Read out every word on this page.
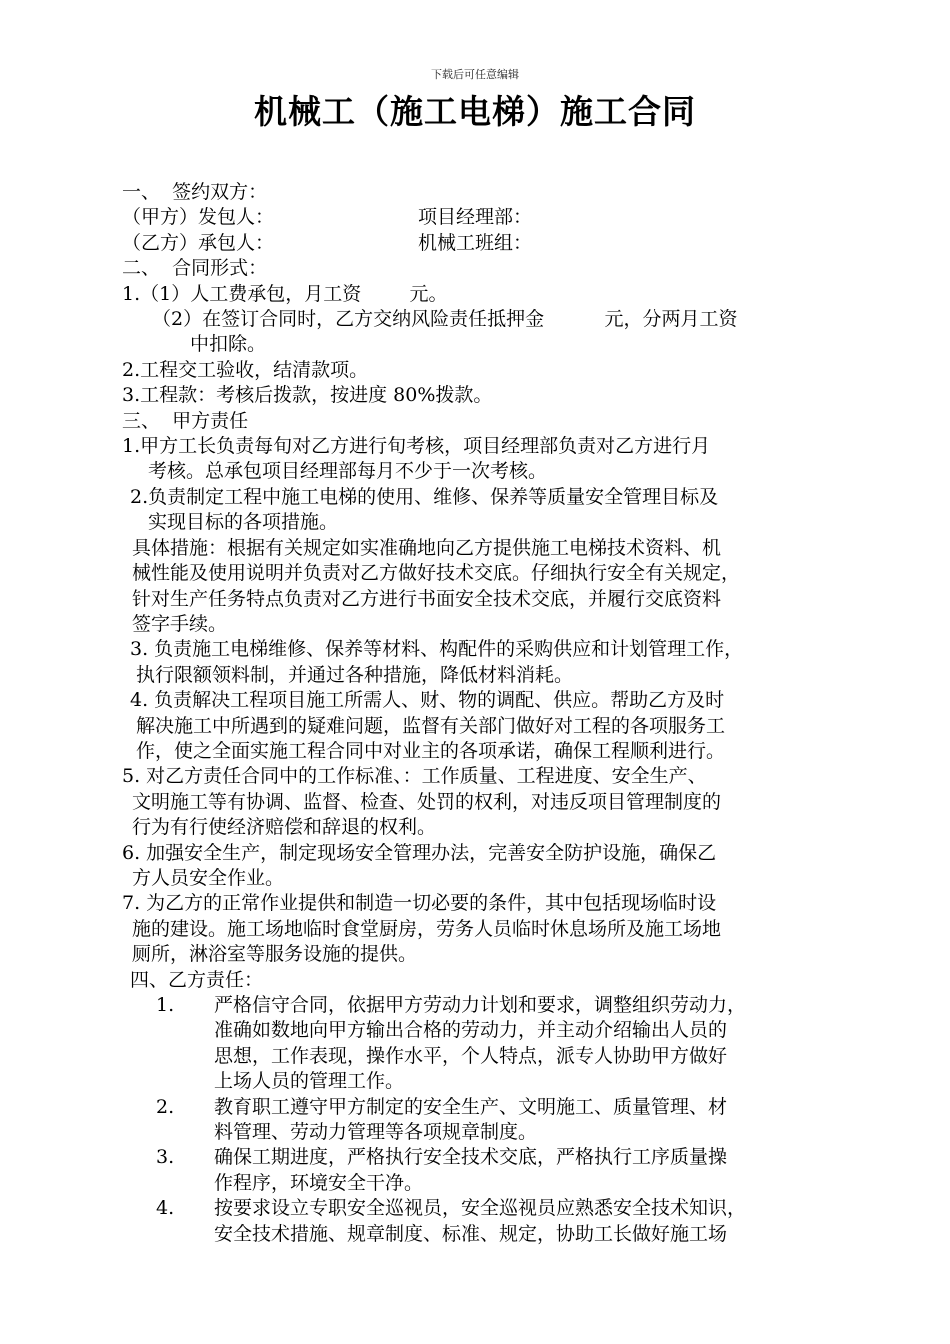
下载后可任意编辑
机械工（施工电梯）施工合同
一、  签约双方：
（甲方）发包人：	项目经理部：
（乙方）承包人：	机械工班组：
二、  合同形式：
1.（1）人工费承包，月工资        元。
（2）在签订合同时，乙方交纳风险责任抵押金          元，分两月工资
中扣除。
2.工程交工验收，结清款项。
3.工程款：考核后拨款，按进度 80%拨款。
三、  甲方责任
1.甲方工长负责每旬对乙方进行旬考核，项目经理部负责对乙方进行月
考核。总承包项目经理部每月不少于一次考核。
2.负责制定工程中施工电梯的使用、维修、保养等质量安全管理目标及
实现目标的各项措施。
具体措施：根据有关规定如实准确地向乙方提供施工电梯技术资料、机
械性能及使用说明并负责对乙方做好技术交底。仔细执行安全有关规定，
针对生产任务特点负责对乙方进行书面安全技术交底，并履行交底资料
签字手续。
3. 负责施工电梯维修、保养等材料、构配件的采购供应和计划管理工作，
执行限额领料制，并通过各种措施，降低材料消耗。
4. 负责解决工程项目施工所需人、财、物的调配、供应。帮助乙方及时
解决施工中所遇到的疑难问题，监督有关部门做好对工程的各项服务工
作，使之全面实施工程合同中对业主的各项承诺，确保工程顺利进行。
5. 对乙方责任合同中的工作标准、：工作质量、工程进度、安全生产、
文明施工等有协调、监督、检查、处罚的权利，对违反项目管理制度的
行为有行使经济赔偿和辞退的权利。
6. 加强安全生产，制定现场安全管理办法，完善安全防护设施，确保乙
方人员安全作业。
7. 为乙方的正常作业提供和制造一切必要的条件，其中包括现场临时设
施的建设。施工场地临时食堂厨房，劳务人员临时休息场所及施工场地
厕所，淋浴室等服务设施的提供。
四、乙方责任：
1.	严格信守合同，依据甲方劳动力计划和要求，调整组织劳动力，
准确如数地向甲方输出合格的劳动力，并主动介绍输出人员的
思想，工作表现，操作水平，个人特点，派专人协助甲方做好
上场人员的管理工作。
2.	教育职工遵守甲方制定的安全生产、文明施工、质量管理、材
料管理、劳动力管理等各项规章制度。
3.	确保工期进度，严格执行安全技术交底，严格执行工序质量操
作程序，环境安全干净。
4.	按要求设立专职安全巡视员，安全巡视员应熟悉安全技术知识，
安全技术措施、规章制度、标准、规定，协助工长做好施工场
